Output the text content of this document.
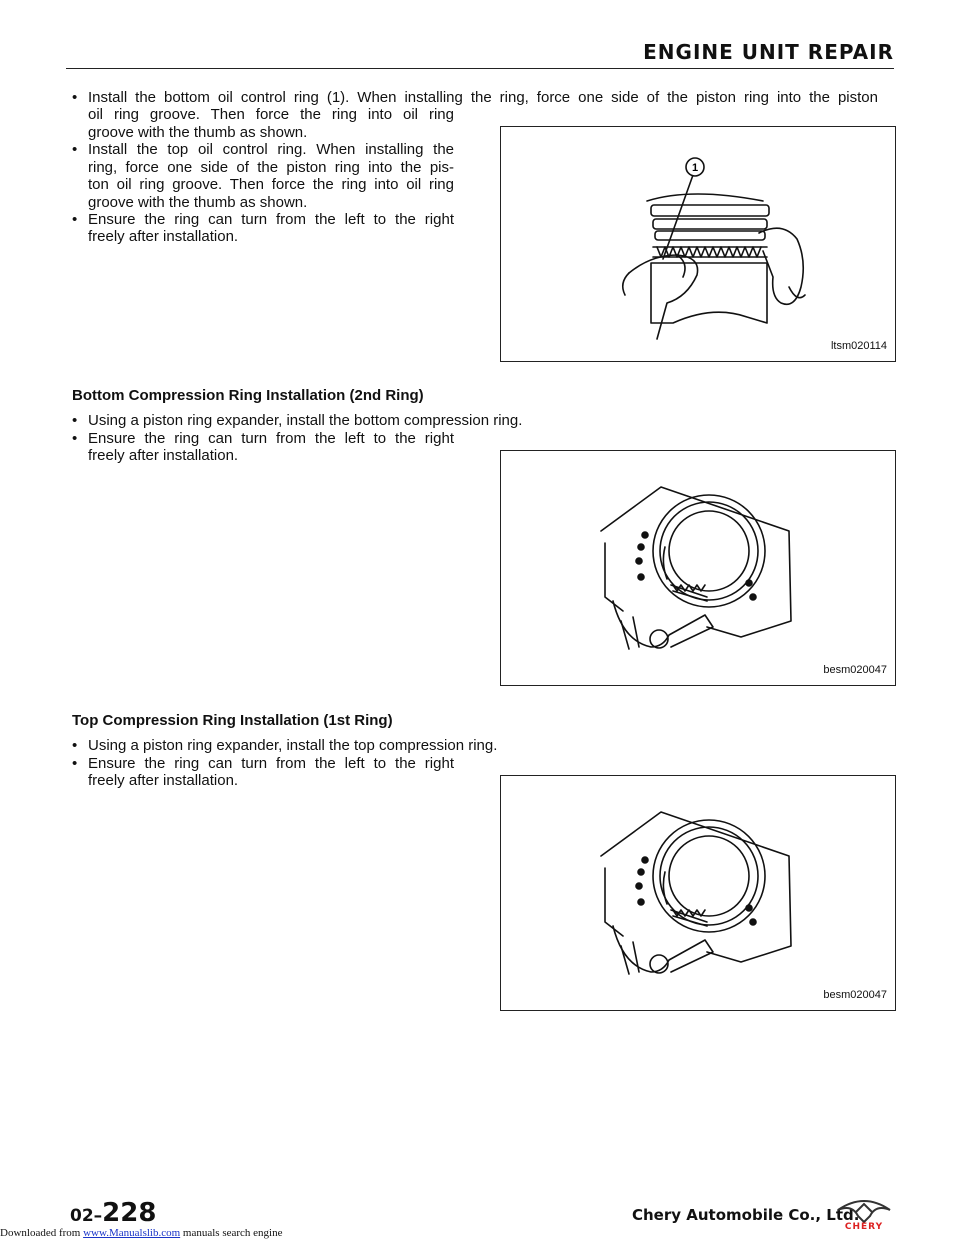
ENGINE UNIT REPAIR
• Install the bottom oil control ring (1). When installing the ring, force one side of the piston ring into the piston
oil ring groove. Then force the ring into oil ring
groove with the thumb as shown.
• Install the top oil control ring. When installing the
ring, force one side of the piston ring into the pis-
ton oil ring groove. Then force the ring into oil ring
groove with the thumb as shown.
• Ensure the ring can turn from the left to the right
freely after installation.
1
ltsm020114
Bottom Compression Ring Installation (2nd Ring)
• Using a piston ring expander, install the bottom compression ring.
• Ensure the ring can turn from the left to the right
freely after installation.
besm020047
Top Compression Ring Installation (1st Ring)
• Using a piston ring expander, install the top compression ring.
• Ensure the ring can turn from the left to the right
freely after installation.
besm020047
02–228	Chery Automobile Co., Ltd.
CHERY
Downloaded from www.Manualslib.com manuals search engine
